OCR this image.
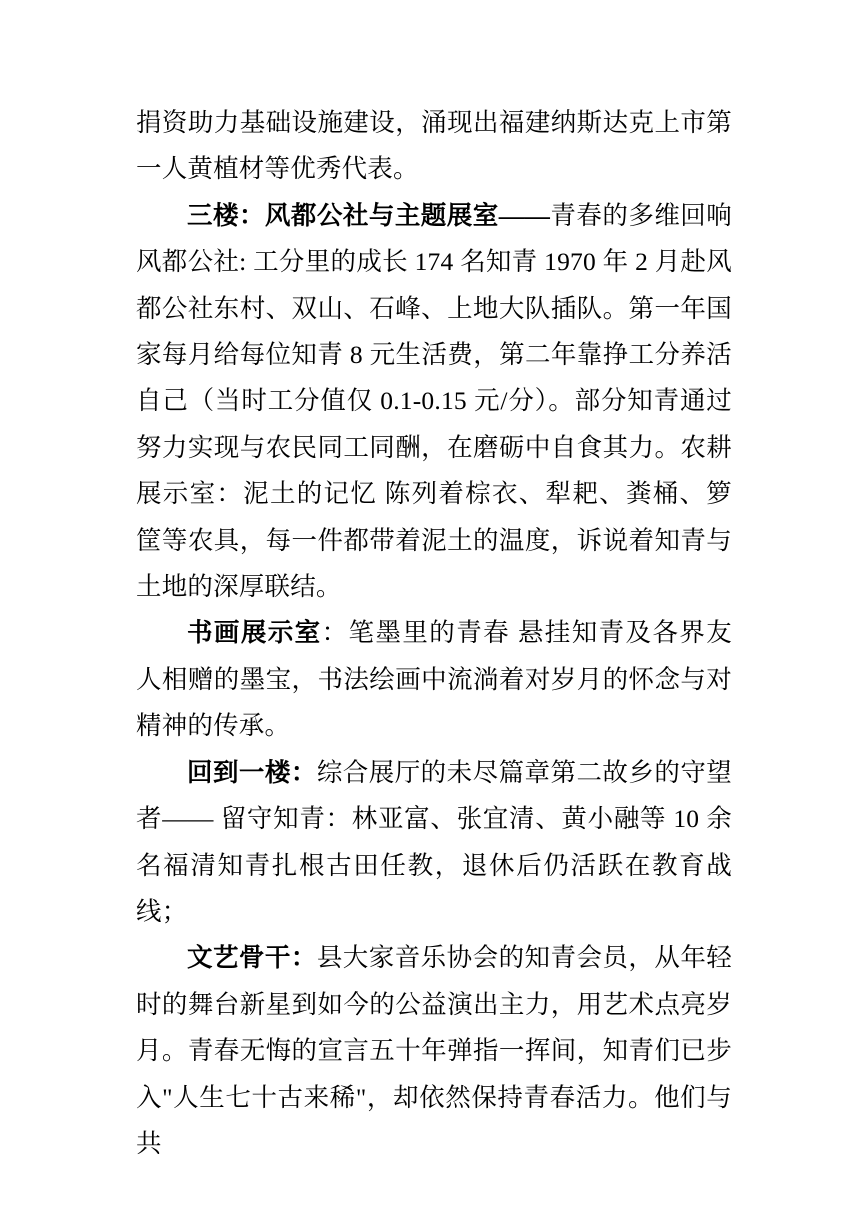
捐资助力基础设施建设，涌现出福建纳斯达克上市第一人黄植材等优秀代表。

三楼：风都公社与主题展室——青春的多维回响风都公社: 工分里的成长 174 名知青 1970 年 2 月赴风都公社东村、双山、石峰、上地大队插队。第一年国家每月给每位知青 8 元生活费，第二年靠挣工分养活自己（当时工分值仅 0.1-0.15 元/分）。部分知青通过努力实现与农民同工同酬，在磨砺中自食其力。农耕展示室：泥土的记忆 陈列着棕衣、犁耙、粪桶、箩筐等农具，每一件都带着泥土的温度，诉说着知青与土地的深厚联结。

书画展示室：笔墨里的青春 悬挂知青及各界友人相赠的墨宝，书法绘画中流淌着对岁月的怀念与对精神的传承。

回到一楼：综合展厅的未尽篇章第二故乡的守望者—— 留守知青：林亚富、张宜清、黄小融等 10 余名福清知青扎根古田任教，退休后仍活跃在教育战线；

文艺骨干：县大家音乐协会的知青会员，从年轻时的舞台新星到如今的公益演出主力，用艺术点亮岁月。青春无悔的宣言五十年弹指一挥间，知青们已步入"人生七十古来稀"，却依然保持青春活力。他们与共
